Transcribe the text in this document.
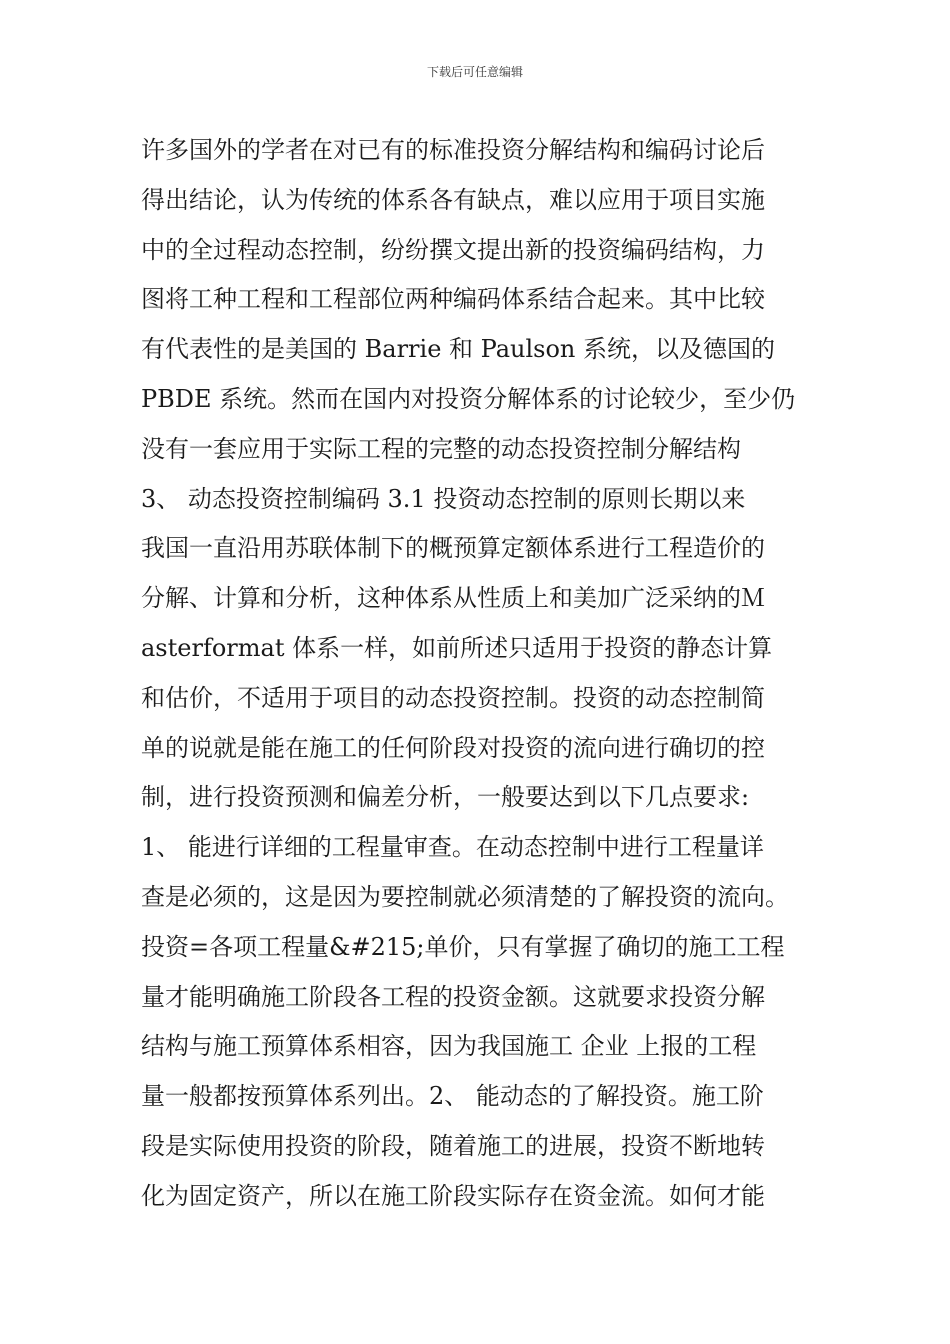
下载后可任意编辑
许多国外的学者在对已有的标准投资分解结构和编码讨论后
得出结论，认为传统的体系各有缺点，难以应用于项目实施
中的全过程动态控制，纷纷撰文提出新的投资编码结构，力
图将工种工程和工程部位两种编码体系结合起来。其中比较
有代表性的是美国的 Barrie 和 Paulson 系统，以及德国的
PBDE 系统。然而在国内对投资分解体系的讨论较少，至少仍
没有一套应用于实际工程的完整的动态投资控制分解结构
3、 动态投资控制编码 3.1 投资动态控制的原则长期以来
我国一直沿用苏联体制下的概预算定额体系进行工程造价的
分解、计算和分析，这种体系从性质上和美加广泛采纳的Ｍ
asterformat 体系一样，如前所述只适用于投资的静态计算
和估价，不适用于项目的动态投资控制。投资的动态控制简
单的说就是能在施工的任何阶段对投资的流向进行确切的控
制，进行投资预测和偏差分析，一般要达到以下几点要求:
1、 能进行详细的工程量审查。在动态控制中进行工程量详
查是必须的，这是因为要控制就必须清楚的了解投资的流向。
投资=各项工程量&#215;单价，只有掌握了确切的施工工程
量才能明确施工阶段各工程的投资金额。这就要求投资分解
结构与施工预算体系相容，因为我国施工 企业 上报的工程
量一般都按预算体系列出。2、 能动态的了解投资。施工阶
段是实际使用投资的阶段，随着施工的进展，投资不断地转
化为固定资产，所以在施工阶段实际存在资金流。如何才能
